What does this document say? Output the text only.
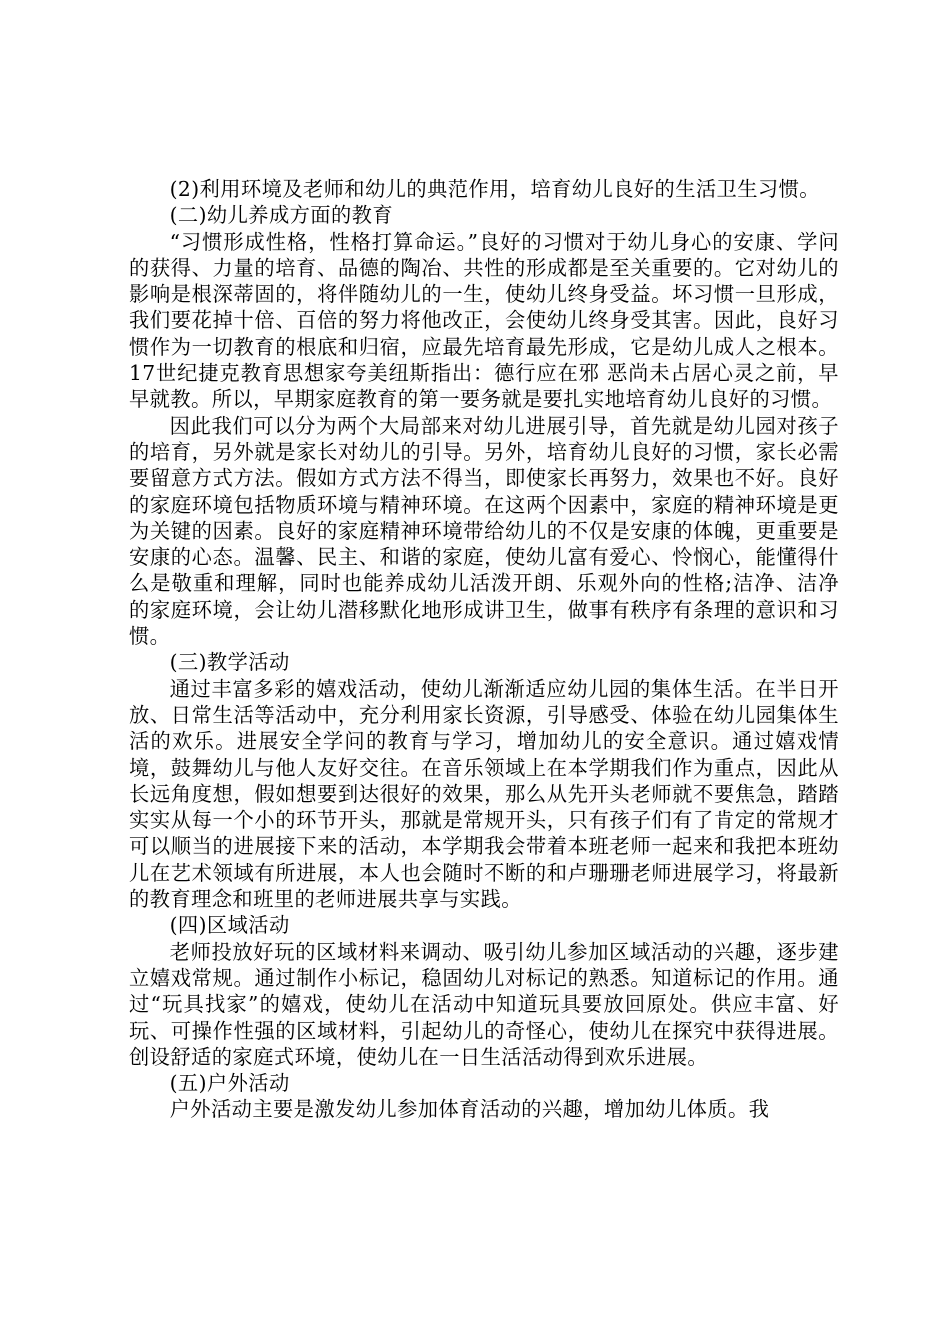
(2)利用环境及老师和幼儿的典范作用，培育幼儿良好的生活卫生习惯。

(二)幼儿养成方面的教育

“习惯形成性格，性格打算命运。”良好的习惯对于幼儿身心的安康、学问的获得、力量的培育、品德的陶冶、共性的形成都是至关重要的。它对幼儿的影响是根深蒂固的，将伴随幼儿的一生，使幼儿终身受益。坏习惯一旦形成，我们要花掉十倍、百倍的努力将他改正，会使幼儿终身受其害。因此，良好习惯作为一切教育的根底和归宿，应最先培育最先形成，它是幼儿成人之根本。17世纪捷克教育思想家夸美纽斯指出：德行应在邪 恶尚未占居心灵之前，早早就教。所以，早期家庭教育的第一要务就是要扎实地培育幼儿良好的习惯。

因此我们可以分为两个大局部来对幼儿进展引导，首先就是幼儿园对孩子的培育，另外就是家长对幼儿的引导。另外，培育幼儿良好的习惯，家长必需要留意方式方法。假如方式方法不得当，即使家长再努力，效果也不好。良好的家庭环境包括物质环境与精神环境。在这两个因素中，家庭的精神环境是更为关键的因素。良好的家庭精神环境带给幼儿的不仅是安康的体魄，更重要是安康的心态。温馨、民主、和谐的家庭，使幼儿富有爱心、怜悯心，能懂得什么是敬重和理解，同时也能养成幼儿活泼开朗、乐观外向的性格;洁净、洁净的家庭环境，会让幼儿潜移默化地形成讲卫生，做事有秩序有条理的意识和习惯。

(三)教学活动

通过丰富多彩的嬉戏活动，使幼儿渐渐适应幼儿园的集体生活。在半日开放、日常生活等活动中，充分利用家长资源，引导感受、体验在幼儿园集体生活的欢乐。进展安全学问的教育与学习，增加幼儿的安全意识。通过嬉戏情境，鼓舞幼儿与他人友好交往。在音乐领域上在本学期我们作为重点，因此从长远角度想，假如想要到达很好的效果，那么从先开头老师就不要焦急，踏踏实实从每一个小的环节开头，那就是常规开头，只有孩子们有了肯定的常规才可以顺当的进展接下来的活动，本学期我会带着本班老师一起来和我把本班幼儿在艺术领域有所进展，本人也会随时不断的和卢珊珊老师进展学习，将最新的教育理念和班里的老师进展共享与实践。

(四)区域活动

老师投放好玩的区域材料来调动、吸引幼儿参加区域活动的兴趣，逐步建立嬉戏常规。通过制作小标记，稳固幼儿对标记的熟悉。知道标记的作用。通过“玩具找家”的嬉戏，使幼儿在活动中知道玩具要放回原处。供应丰富、好玩、可操作性强的区域材料，引起幼儿的奇怪心，使幼儿在探究中获得进展。创设舒适的家庭式环境，使幼儿在一日生活活动得到欢乐进展。

(五)户外活动

户外活动主要是激发幼儿参加体育活动的兴趣，增加幼儿体质。我
